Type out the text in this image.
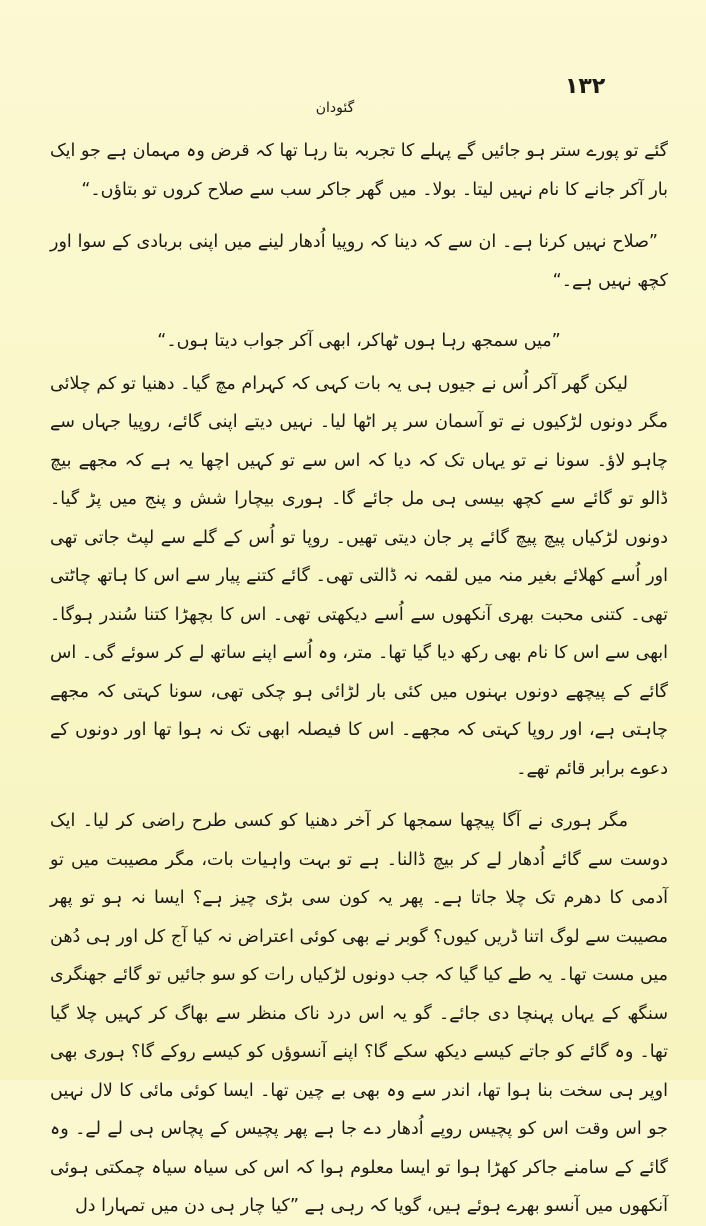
١٣٢
گئودان

گئے تو پورے ستر ہو جائیں گے پہلے کا تجربہ بتا رہا تھا کہ قرض وہ مہمان ہے جو ایک بار آکر جانے کا نام نہیں لیتا۔ بولا۔ میں گھر جاکر سب سے صلاح کروں تو بتاؤں۔“

”صلاح نہیں کرنا ہے۔ ان سے کہ دینا کہ روپیا اُدھار لینے میں اپنی بربادی کے سوا اور کچھ نہیں ہے۔“

”میں سمجھ رہا ہوں ٹھاکر، ابھی آکر جواب دیتا ہوں۔“

لیکن گھر آکر اُس نے جیوں ہی یہ بات کہی کہ کہرام مچ گیا۔ دھنیا تو کم چلائی مگر دونوں لڑکیوں نے تو آسمان سر پر اٹھا لیا۔ نہیں دیتے اپنی گائے، روپیا جہاں سے چاہو لاؤ۔ سونا نے تو یہاں تک کہ دیا کہ اس سے تو کہیں اچھا یہ ہے کہ مجھے بیچ ڈالو تو گائے سے کچھ بیسی ہی مل جائے گا۔ ہوری بیچارا شش و پنج میں پڑ گیا۔ دونوں لڑکیاں پیچ پیچ گائے پر جان دیتی تھیں۔ روپا تو اُس کے گلے سے لپٹ جاتی تھی اور اُسے کھلائے بغیر منہ میں لقمہ نہ ڈالتی تھی۔ گائے کتنے پیار سے اس کا ہاتھ چاٹتی تھی۔ کتنی محبت بھری آنکھوں سے اُسے دیکھتی تھی۔ اس کا بچھڑا کتنا سُندر ہوگا۔ ابھی سے اس کا نام بھی رکھ دیا گیا تھا۔ متر، وہ اُسے اپنے ساتھ لے کر سوئے گی۔ اس گائے کے پیچھے دونوں بہنوں میں کئی بار لڑائی ہو چکی تھی، سونا کہتی کہ مجھے چاہتی ہے، اور روپا کہتی کہ مجھے۔ اس کا فیصلہ ابھی تک نہ ہوا تھا اور دونوں کے دعوے برابر قائم تھے۔

مگر ہوری نے آگا پیچھا سمجھا کر آخر دھنیا کو کسی طرح راضی کر لیا۔ ایک دوست سے گائے اُدھار لے کر بیچ ڈالنا۔ ہے تو بہت واہیات بات، مگر مصیبت میں تو آدمی کا دھرم تک چلا جاتا ہے۔ پھر یہ کون سی بڑی چیز ہے؟ ایسا نہ ہو تو پھر مصیبت سے لوگ اتنا ڈریں کیوں؟ گوبر نے بھی کوئی اعتراض نہ کیا آج کل اور ہی دُھن میں مست تھا۔ یہ طے کیا گیا کہ جب دونوں لڑکیاں رات کو سو جائیں تو گائے جھنگری سنگھ کے یہاں پہنچا دی جائے۔ گو یہ اس درد ناک منظر سے بھاگ کر کہیں چلا گیا تھا۔ وہ گائے کو جاتے کیسے دیکھ سکے گا؟ اپنے آنسوؤں کو کیسے روکے گا؟ ہوری بھی اوپر ہی سخت بنا ہوا تھا، اندر سے وہ بھی بے چین تھا۔ ایسا کوئی مائی کا لال نہیں جو اس وقت اس کو پچیس روپے اُدھار دے جا ہے پھر پچیس کے پچاس ہی لے لے۔ وہ گائے کے سامنے جاکر کھڑا ہوا تو ایسا معلوم ہوا کہ اس کی سیاہ سیاہ چمکتی ہوئی آنکھوں میں آنسو بھرے ہوئے ہیں، گویا کہ رہی ہے ”کیا چار ہی دن میں تمہارا دل
